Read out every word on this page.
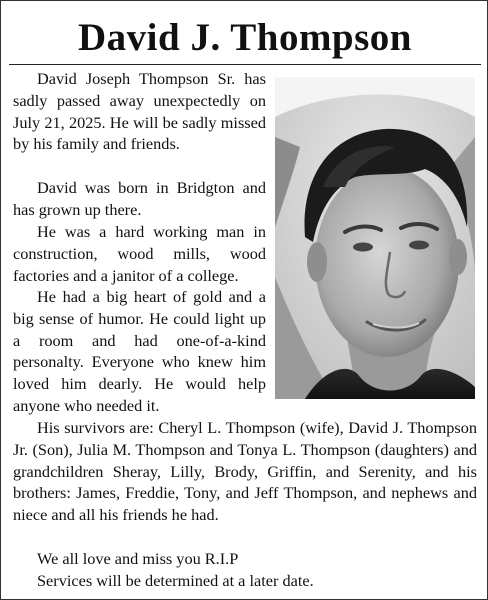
David J. Thompson

David Joseph Thompson Sr. has sadly passed away unexpectedly on July 21, 2025. He will be sadly missed by his family and friends.

David was born in Bridgton and has grown up there.

He was a hard working man in construction, wood mills, wood factories and a janitor of a college.

He had a big heart of gold and a big sense of humor. He could light up a room and had one-of-a-kind personalty. Everyone who knew him loved him dearly. He would help anyone who needed it.

His survivors are: Cheryl L. Thompson (wife), David J. Thompson Jr. (Son), Julia M. Thompson and Tonya L. Thompson (daughters) and grandchildren Sheray, Lilly, Brody, Griffin, and Serenity, and his brothers: James, Freddie, Tony, and Jeff Thompson, and nephews and niece and all his friends he had.

We all love and miss you R.I.P

Services will be determined at a later date.
